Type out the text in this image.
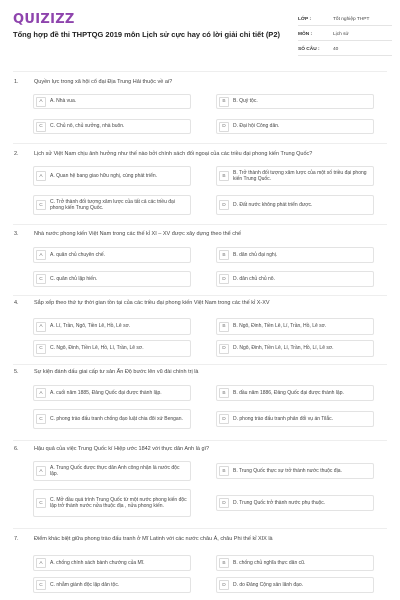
QUIZIZZ
Tổng hợp đề thi THPTQG 2019 môn Lịch sử cực hay có lời giải chi tiết (P2)
LỚP :	Tốt nghiệp THPT
MÔN :	Lịch sử
SỐ CÂU :	40
1.	Quyền lực trong xã hội cổ đại Địa Trung Hải thuộc về ai?
A	A. Nhà vua.	B	B. Quý tộc.
C	C. Chủ nô, chủ xưởng, nhà buôn.	D	D. Đại hội Công dân.
2.	Lịch sử Việt Nam chịu ảnh hưởng như thế nào bởi chính sách đối ngoại của các triều đại phong kiến Trung Quốc?
A	A. Quan hệ bang giao hữu nghị, cùng phát triển.	B
B. Trở thành đối tượng xâm lược của một số triều đại phong kiến Trung Quốc.
C
C. Trở thành đối tượng xâm lược của tất cả các triều đại phong kiến Trung Quốc.	D	D. Đất nước không phát triển được.
3.	Nhà nước phong kiến Việt Nam trong các thế kỉ XI – XV được xây dựng theo thể chế
A	A. quân chủ chuyên chế.	B	B. dân chủ đại nghị.
C	C. quân chủ lập hiến.	D	D. dân chủ chủ nô.
4.	Sắp xếp theo thứ tự thời gian tồn tại của các triều đại phong kiến Việt Nam trong các thế kỉ X-XV
A	A. Lí, Trần, Ngô, Tiền Lê, Hồ, Lê sơ.	B	B. Ngô, Đinh, Tiền Lê, Lí, Trần, Hồ, Lê sơ.
C	C. Ngô, Đinh, Tiền Lê, Hồ, Lí, Trần, Lê sơ.	D	D. Ngô, Đinh, Tiền Lê, Lí, Trần, Hồ, Lí, Lê sơ.
5.	Sự kiện đánh dấu giai cấp tư sản Ấn Độ bước lên vũ đài chính trị là
A	A. cuối năm 1885, Đảng Quốc đại được thành lập.	B	B. đầu năm 1886, Đảng Quốc đại được thành lập.
C	C. phong trào đấu tranh chống đạo luật chia đôi xứ Bengan.	D	D. phong trào đấu tranh phản đối vụ án Tilắc.
6.	Hậu quả của việc Trung Quốc kí Hiệp ước 1842 với thực dân Anh là gì?
A
A. Trung Quốc được thực dân Anh công nhận là nước độc lập.	B	B. Trung Quốc thực sự trở thành nước thuộc địa.
C
C. Mở đầu quá trình Trung Quốc từ một nước phong kiến độc lập trở thành nước nửa thuộc địa , nửa phong kiến.	D	D. Trung Quốc trở thành nước phụ thuộc.
7.	Điểm khác biệt giữa phong trào đấu tranh ở Mĩ Latinh với các nước châu Á, châu Phi thế kỉ XIX là
A	A. chống chính sách bành chướng của Mĩ.	B	B. chống chủ nghĩa thực dân cũ.
C	C. nhằm giành độc lập dân tộc.	D	D. do Đảng Cộng sản lãnh đạo.
